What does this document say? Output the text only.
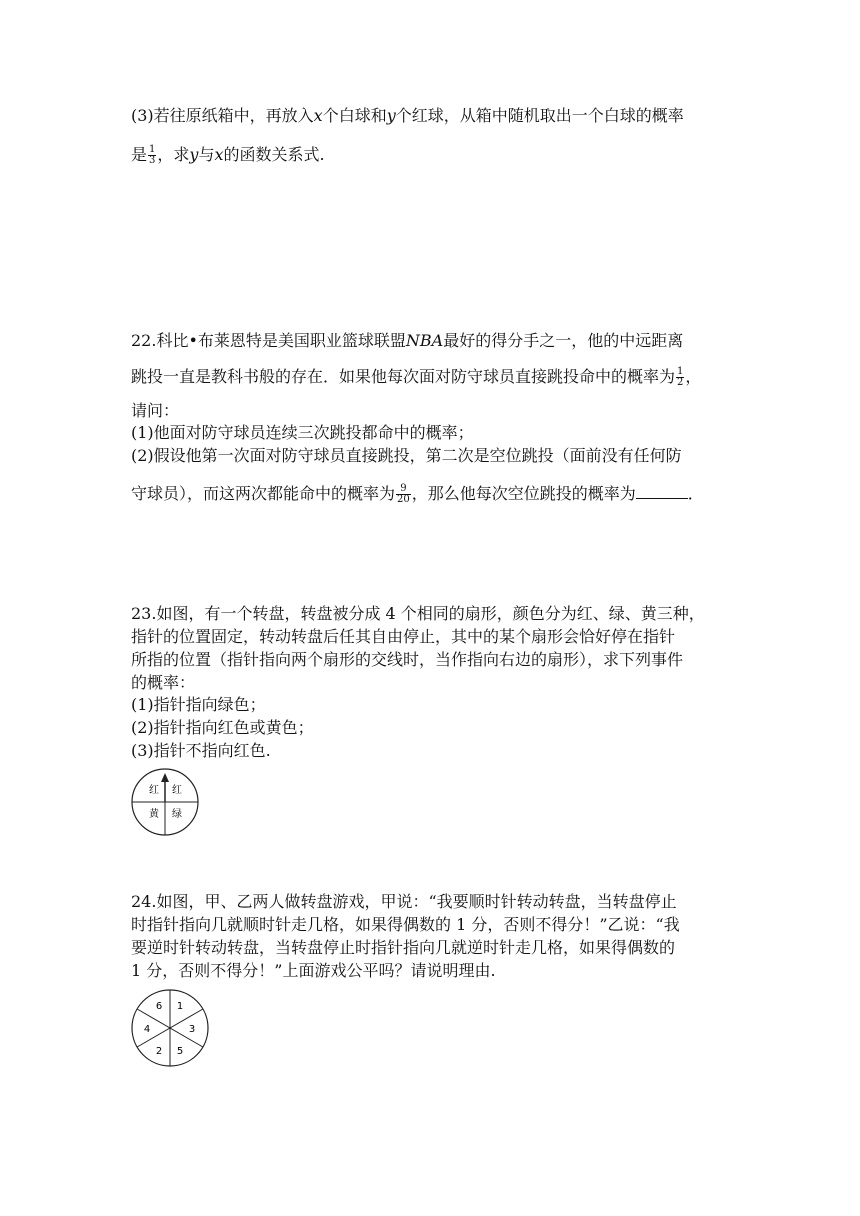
(3)若往原纸箱中，再放入x个白球和y个红球，从箱中随机取出一个白球的概率
是 $\frac{1}{3}$ ，求y与x的函数关系式.
22.科比•布莱恩特是美国职业篮球联盟NBA最好的得分手之一，他的中远距离
跳投一直是教科书般的存在．如果他每次面对防守球员直接跳投命中的概率为 $\frac{1}{2}$ ，
请问：
(1)他面对防守球员连续三次跳投都命中的概率；
(2)假设他第一次面对防守球员直接跳投，第二次是空位跳投（面前没有任何防
守球员），而这两次都能命中的概率为 $\frac{9}{20}$ ，那么他每次空位跳投的概率为	．
23.如图，有一个转盘，转盘被分成 4 个相同的扇形，颜色分为红、绿、黄三种，
指针的位置固定，转动转盘后任其自由停止，其中的某个扇形会恰好停在指针
所指的位置（指针指向两个扇形的交线时，当作指向右边的扇形），求下列事件
的概率：
(1)指针指向绿色；
(2)指针指向红色或黄色；
(3)指针不指向红色.
红 红
黄 绿
24.如图，甲、乙两人做转盘游戏，甲说：“我要顺时针转动转盘，当转盘停止
时指针指向几就顺时针走几格，如果得偶数的 1 分，否则不得分！”乙说：“我
要逆时针转动转盘，当转盘停止时指针指向几就逆时针走几格，如果得偶数的
1 分，否则不得分！”上面游戏公平吗？请说明理由.
6 1
4	3
2 5
